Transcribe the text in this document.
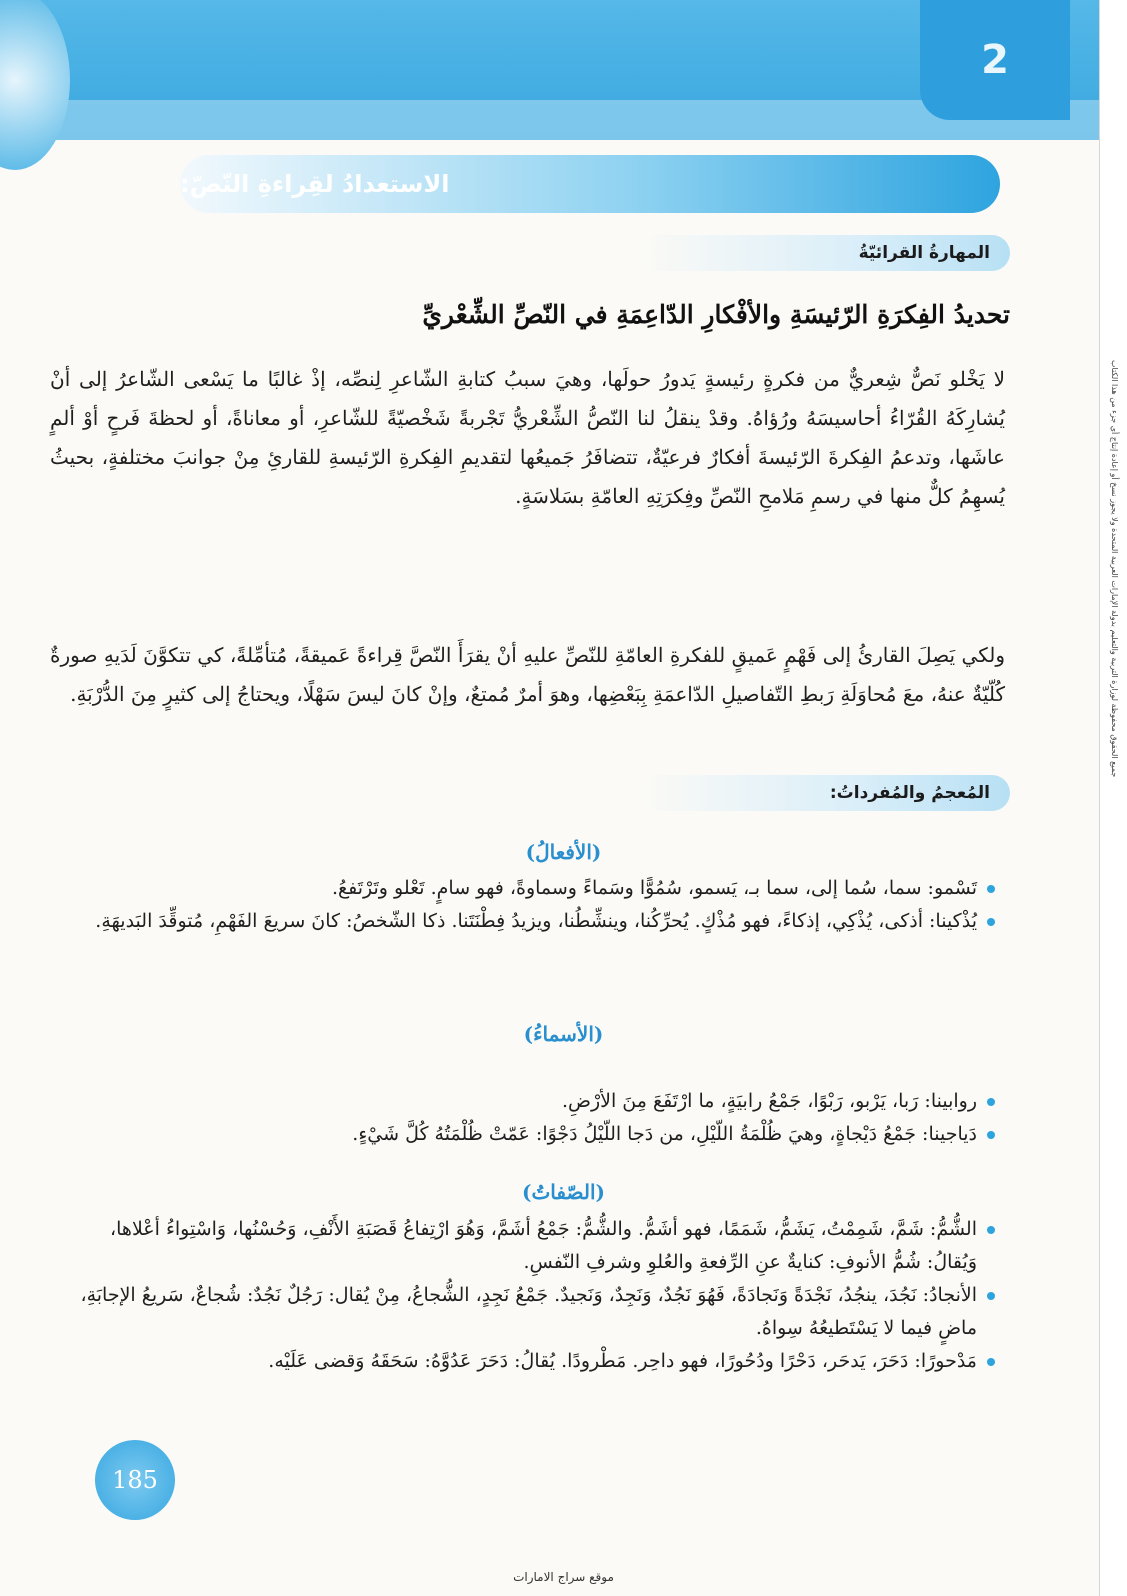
2
جميع الحقوق محفوظة لوزارة التربية والتعليم بدولة الإمارات العربية المتحدة ولا يجوز نسخ أو إعادة إنتاج أي جزء من هذا الكتاب
الاستعدادُ لقِراءةِ النّصّ:
المهارةُ القرائيّةُ
تحديدُ الفِكرَةِ الرّئيسَةِ والأفْكارِ الدّاعِمَةِ في النّصِّ الشِّعْريِّ

لا يَخْلو نَصٌّ شِعريٌّ من فكرةٍ رئيسةٍ يَدورُ حولَها، وهيَ سببُ كتابةِ الشّاعرِ لِنصِّه، إذْ غالبًا ما يَسْعى الشّاعرُ إلى أنْ يُشارِكَهُ القُرّاءُ أحاسيسَهُ ورُؤاهُ. وقدْ ينقلُ لنا النّصُّ الشِّعْريُّ تَجْربةً شَخْصيّةً للشّاعرِ، أو معاناةً، أو لحظةَ فَرحٍ أوْ ألمٍ عاشَها، وتدعمُ الفِكرةَ الرّئيسةَ أفكارٌ فرعيّةٌ، تتضافَرُ جَميعُها لتقديمِ الفِكرةِ الرّئيسةِ للقارئِ مِنْ جوانبَ مختلفةٍ، بحيثُ يُسهِمُ كلٌّ منها في رسمِ مَلامحِ النّصِّ وفِكرَتِهِ العامّةِ بسَلاسَةٍ.

ولكي يَصِلَ القارئُ إلى فَهْمٍ عَميقٍ للفكرةِ العامّةِ للنّصِّ عليهِ أنْ يقرَأَ النّصَّ قِراءةً عَميقةً، مُتأمِّلةً، كي تتكوَّنَ لَدَيهِ صورةٌ كُلّيّةٌ عنهُ، معَ مُحاوَلَةِ رَبطِ التّفاصيلِ الدّاعمَةِ بِبَعْضِها، وهوَ أمرٌ مُمتعٌ، وإنْ كانَ ليسَ سَهْلًا، ويحتاجُ إلى كثيرٍ مِنَ الدُّرْبَةِ.

المُعجمُ والمُفرداتُ:
(الأفعالُ)
تَسْمو: سما، سُما إلى، سما بـ، يَسمو، سُمُوًّا وسَماءً وسماوةً، فهو سامٍ. تَعْلو وتَرْتَفعُ.
يُذْكينا: أذكى، يُذْكِي، إذكاءً، فهو مُذْكٍ. يُحرِّكُنا، وينشِّطُنا، ويزيدُ فِطْنَتَنا. ذكا الشّخصُ: كانَ سريعَ الفَهْمِ، مُتوقِّدَ البَديهَةِ.
(الأسماءُ)
روابينا: رَبا، يَرْبو، رَبْوًا، جَمْعُ رابيَةٍ، ما ارْتَفَعَ مِنَ الأرْضِ.
دَياجينا: جَمْعُ دَيْجاةٍ، وهيَ ظُلْمَةُ اللّيْلِ، من دَجا اللّيْلُ دَجْوًا: عَمّتْ ظُلْمَتُهُ كُلَّ شَيْءٍ.
(الصّفاتُ)
الشُّمُّ: شَمَّ، شَمِمْتُ، يَشَمُّ، شَمَمًا، فهو أشَمُّ. والشُّمُّ: جَمْعُ أشَمَّ، وَهُوَ ارْتِفاعُ قَصَبَةِ الأَنْفِ، وَحُسْنُها، وَاسْتِواءُ أعْلاها، وَيُقالُ: شُمُّ الأنوفِ: كنايةٌ عنِ الرِّفعةِ والعُلوِ وشرفِ النّفسِ.
الأنجادُ: نَجُدَ، ينجُدُ، نَجْدَةً وَنَجادَةً، فَهُوَ نَجُدٌ، وَنَجِدٌ، وَنَجيدٌ. جَمْعُ نَجِدٍ، الشُّجاعُ، مِنْ يُقال: رَجُلٌ نَجُدٌ: شُجاعٌ، سَريعُ الإجابَةِ، ماضٍ فيما لا يَسْتَطيعُهُ سِواهُ.
مَدْحورًا: دَحَرَ، يَدحَر، دَحْرًا ودُحُورًا، فهو داحِر. مَطْرودًا. يُقالُ: دَحَرَ عَدُوَّهُ: سَحَقَهُ وَقضى عَلَيْه.
185
موقع سراج الامارات
